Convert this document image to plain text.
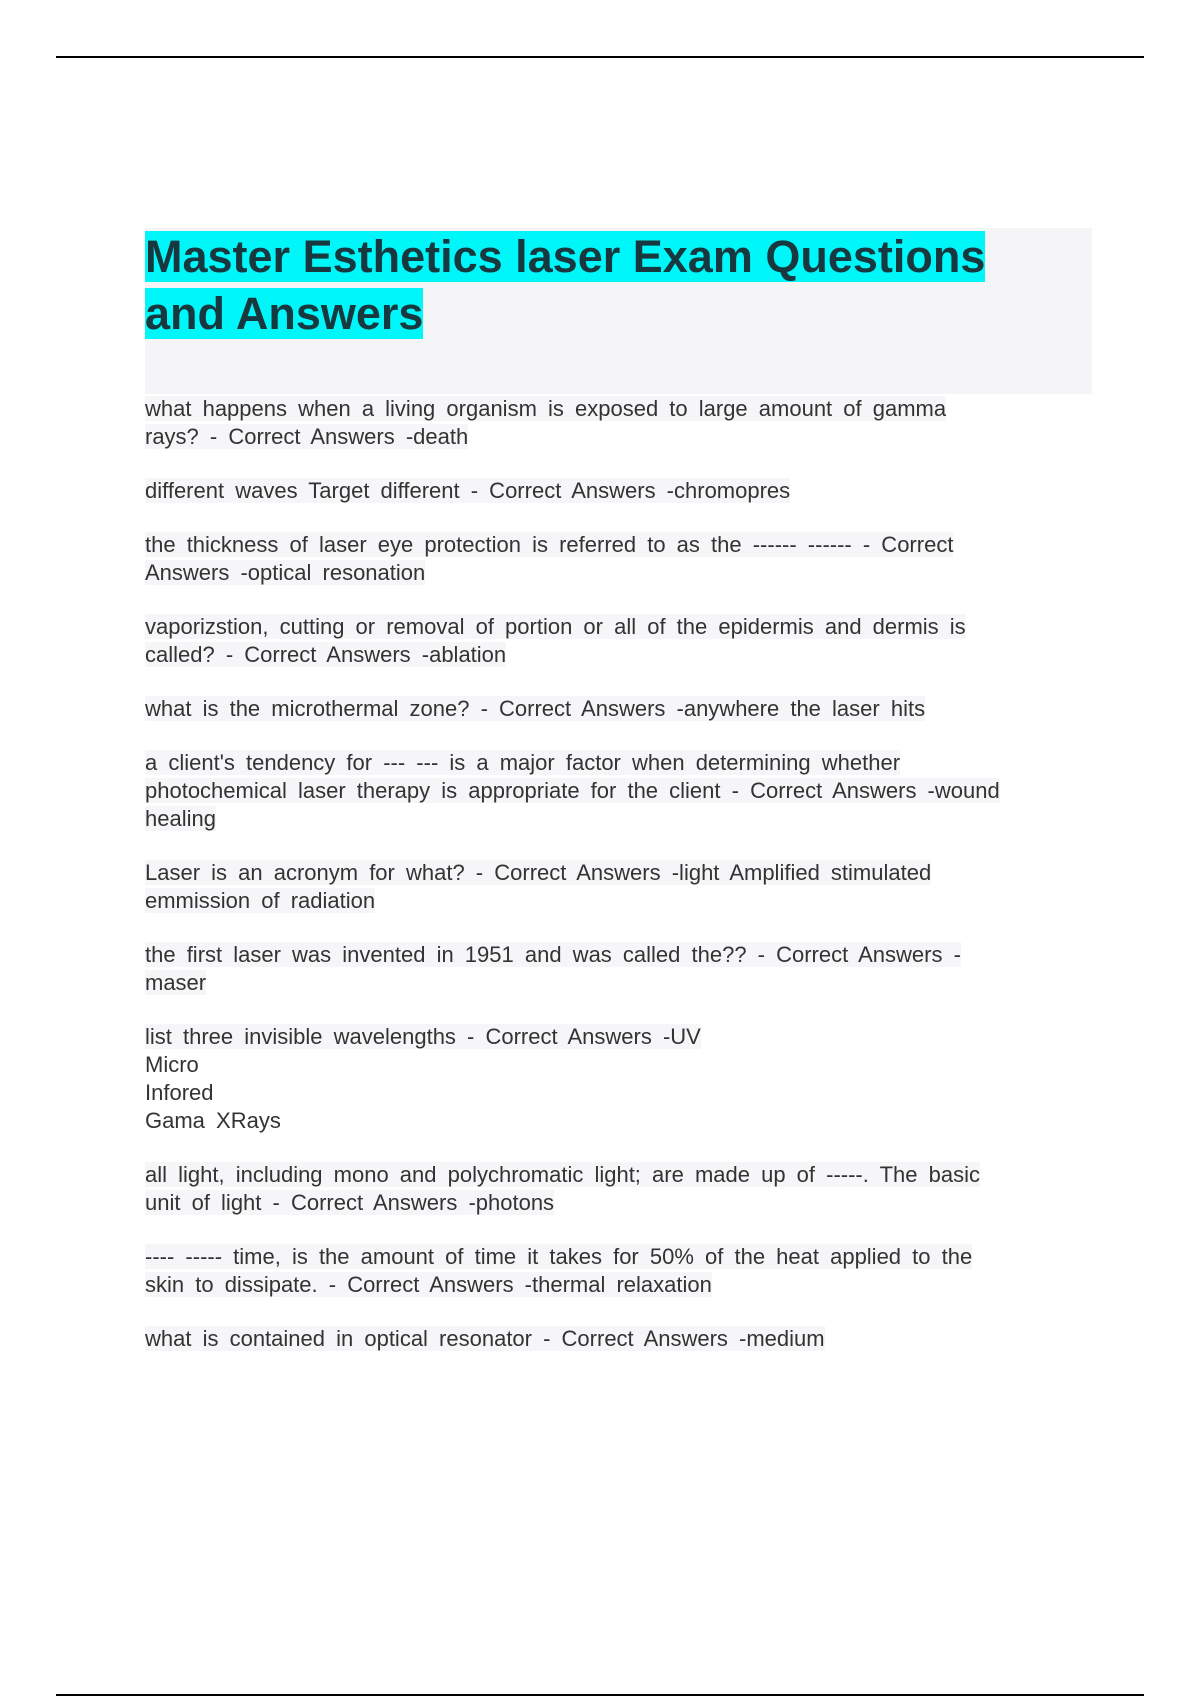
Master Esthetics laser Exam Questions and Answers

what happens when a living organism is exposed to large amount of gamma
rays? - Correct Answers -death

different waves Target different - Correct Answers -chromopres

the thickness of laser eye protection is referred to as the ------ ------ - Correct
Answers -optical resonation

vaporizstion, cutting or removal of portion or all of the epidermis and dermis is
called? - Correct Answers -ablation

what is the microthermal zone? - Correct Answers -anywhere the laser hits

a client's tendency for --- --- is a major factor when determining whether
photochemical laser therapy is appropriate for the client - Correct Answers -wound
healing

Laser is an acronym for what? - Correct Answers -light Amplified stimulated
emmission of radiation

the first laser was invented in 1951 and was called the?? - Correct Answers -
maser

list three invisible wavelengths - Correct Answers -UV
Micro
Infored
Gama XRays

all light, including mono and polychromatic light; are made up of -----. The basic
unit of light - Correct Answers -photons

---- ----- time, is the amount of time it takes for 50% of the heat applied to the
skin to dissipate. - Correct Answers -thermal relaxation

what is contained in optical resonator - Correct Answers -medium
